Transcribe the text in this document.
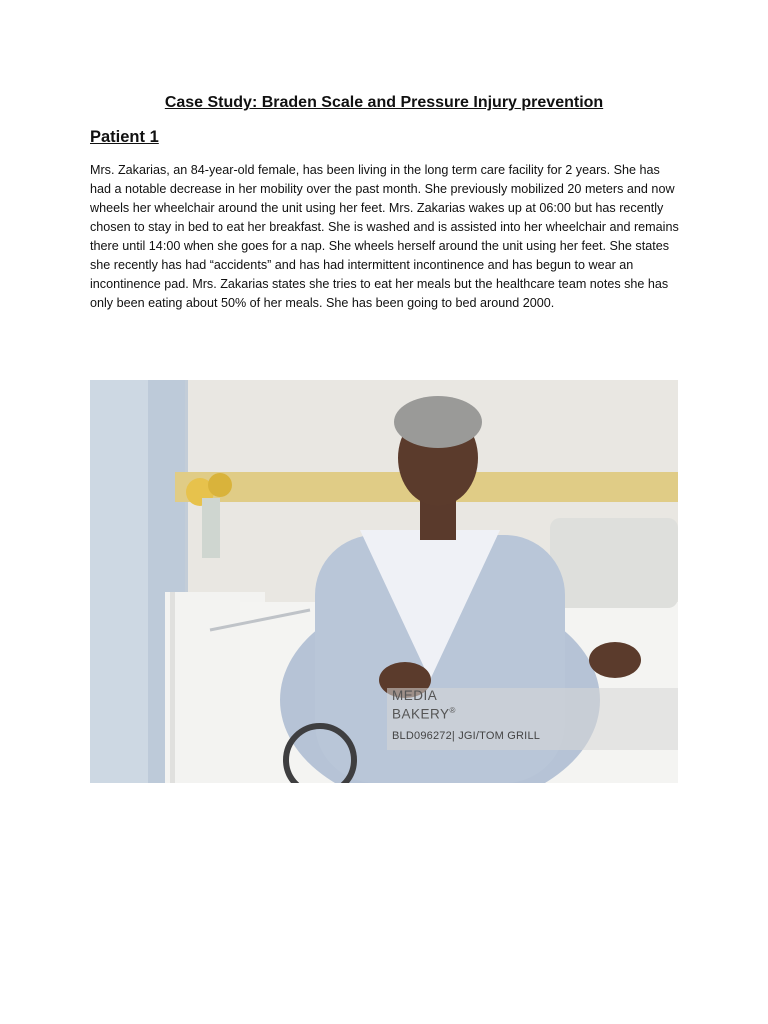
Case Study: Braden Scale and Pressure Injury prevention
Patient 1

Mrs. Zakarias, an 84-year-old female, has been living in the long term care facility for 2 years. She has had a notable decrease in her mobility over the past month. She previously mobilized 20 meters and now wheels her wheelchair around the unit using her feet. Mrs. Zakarias wakes up at 06:00 but has recently chosen to stay in bed to eat her breakfast. She is washed and is assisted into her wheelchair and remains there until 14:00 when she goes for a nap. She wheels herself around the unit using her feet. She states she recently has had “accidents” and has had intermittent incontinence and has begun to wear an incontinence pad. Mrs. Zakarias states she tries to eat her meals but the healthcare team notes she has only been eating about 50% of her meals. She has been going to bed around 2000.

MEDIA
BAKERY®
BLD096272| JGI/TOM GRILL
